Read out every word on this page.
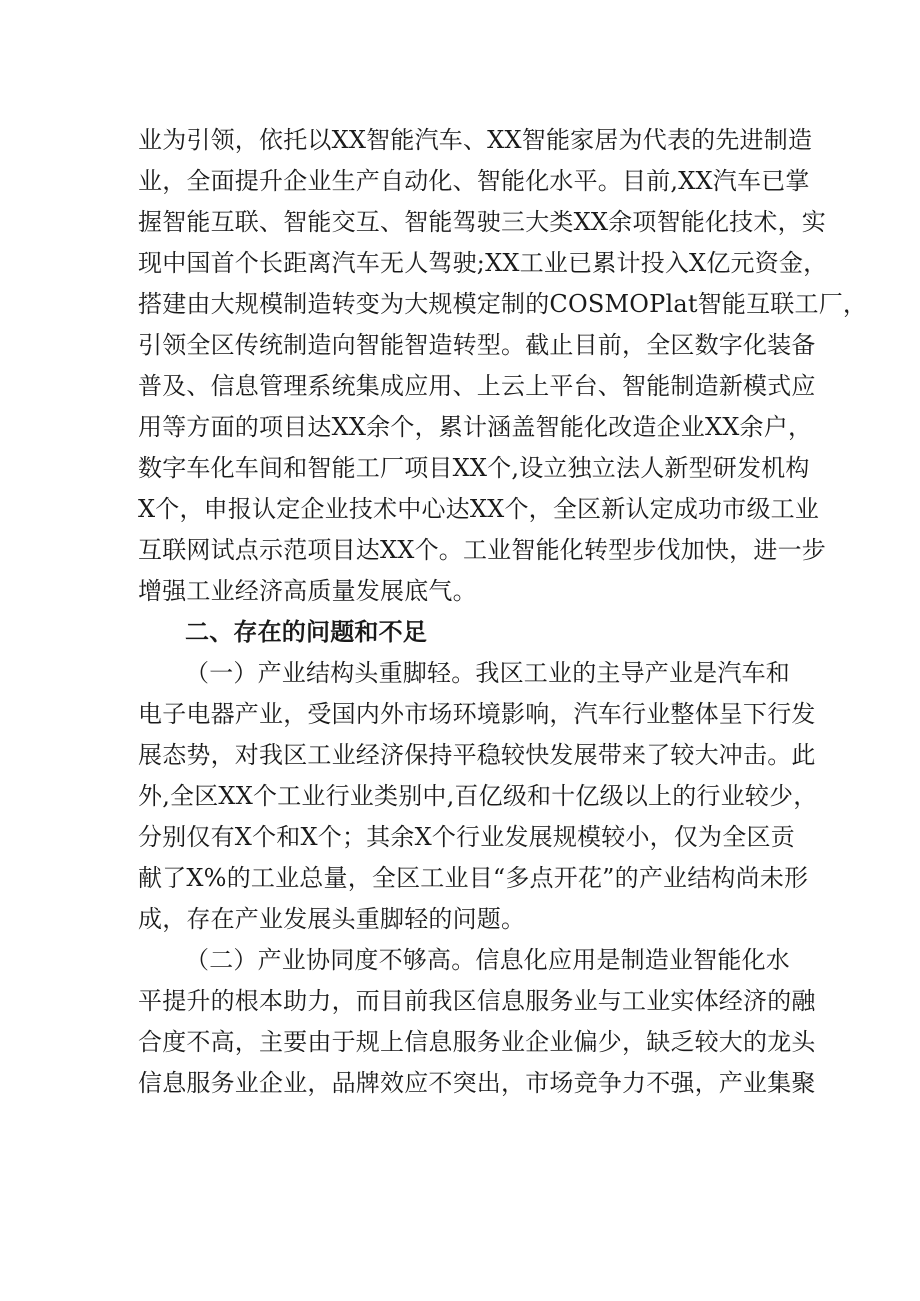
业为引领，依托以XX智能汽车、XX智能家居为代表的先进制造
业，全面提升企业生产自动化、智能化水平。目前,XX汽车已掌
握智能互联、智能交互、智能驾驶三大类XX余项智能化技术，实
现中国首个长距离汽车无人驾驶;XX工业已累计投入X亿元资金，
搭建由大规模制造转变为大规模定制的COSMOPlat智能互联工厂，
引领全区传统制造向智能智造转型。截止目前，全区数字化装备
普及、信息管理系统集成应用、上云上平台、智能制造新模式应
用等方面的项目达XX余个，累计涵盖智能化改造企业XX余户，
数字车化车间和智能工厂项目XX个,设立独立法人新型研发机构
X个，申报认定企业技术中心达XX个，全区新认定成功市级工业
互联网试点示范项目达XX个。工业智能化转型步伐加快，进一步
增强工业经济高质量发展底气。
二、存在的问题和不足
（一）产业结构头重脚轻。我区工业的主导产业是汽车和
电子电器产业，受国内外市场环境影响，汽车行业整体呈下行发
展态势，对我区工业经济保持平稳较快发展带来了较大冲击。此
外,全区XX个工业行业类别中,百亿级和十亿级以上的行业较少，
分别仅有X个和X个；其余X个行业发展规模较小，仅为全区贡
献了X%的工业总量，全区工业目“多点开花”的产业结构尚未形
成，存在产业发展头重脚轻的问题。
（二）产业协同度不够高。信息化应用是制造业智能化水
平提升的根本助力，而目前我区信息服务业与工业实体经济的融
合度不高，主要由于规上信息服务业企业偏少，缺乏较大的龙头
信息服务业企业，品牌效应不突出，市场竞争力不强，产业集聚
